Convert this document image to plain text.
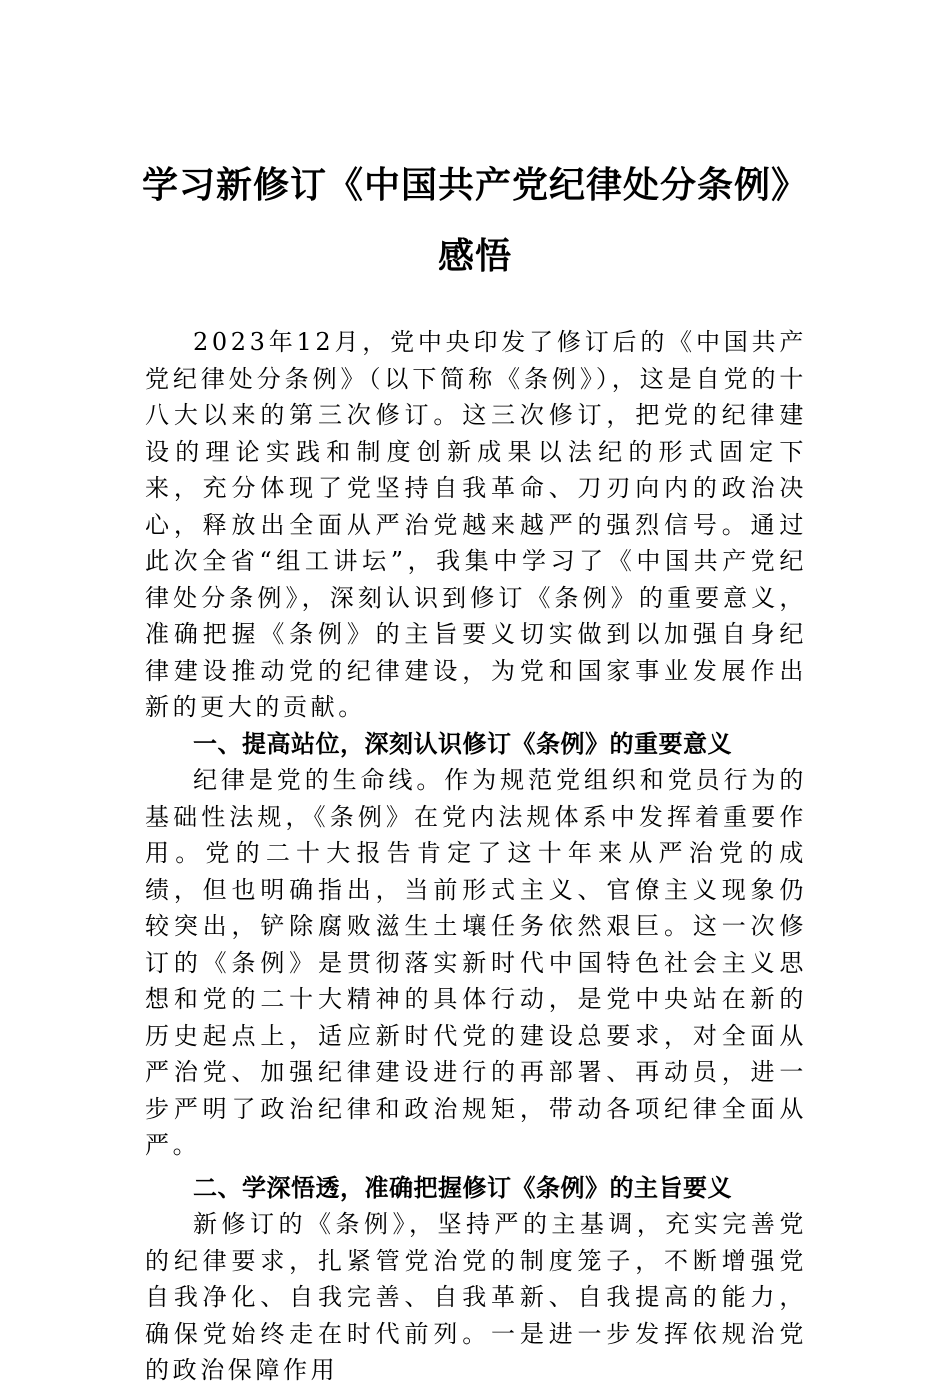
学习新修订《中国共产党纪律处分条例》
感悟

2023年12月，党中央印发了修订后的《中国共产党纪律处分条例》（以下简称《条例》），这是自党的十八大以来的第三次修订。这三次修订，把党的纪律建设的理论实践和制度创新成果以法纪的形式固定下来，充分体现了党坚持自我革命、刀刃向内的政治决心，释放出全面从严治党越来越严的强烈信号。通过此次全省“组工讲坛”，我集中学习了《中国共产党纪律处分条例》，深刻认识到修订《条例》的重要意义，准确把握《条例》的主旨要义切实做到以加强自身纪律建设推动党的纪律建设，为党和国家事业发展作出新的更大的贡献。

一、提高站位，深刻认识修订《条例》的重要意义

纪律是党的生命线。作为规范党组织和党员行为的基础性法规，《条例》在党内法规体系中发挥着重要作用。党的二十大报告肯定了这十年来从严治党的成绩，但也明确指出，当前形式主义、官僚主义现象仍较突出，铲除腐败滋生土壤任务依然艰巨。这一次修订的《条例》是贯彻落实新时代中国特色社会主义思想和党的二十大精神的具体行动，是党中央站在新的历史起点上，适应新时代党的建设总要求，对全面从严治党、加强纪律建设进行的再部署、再动员，进一步严明了政治纪律和政治规矩，带动各项纪律全面从严。

二、学深悟透，准确把握修订《条例》的主旨要义

新修订的《条例》，坚持严的主基调，充实完善党的纪律要求，扎紧管党治党的制度笼子，不断增强党自我净化、自我完善、自我革新、自我提高的能力，确保党始终走在时代前列。一是进一步发挥依规治党的政治保障作用
